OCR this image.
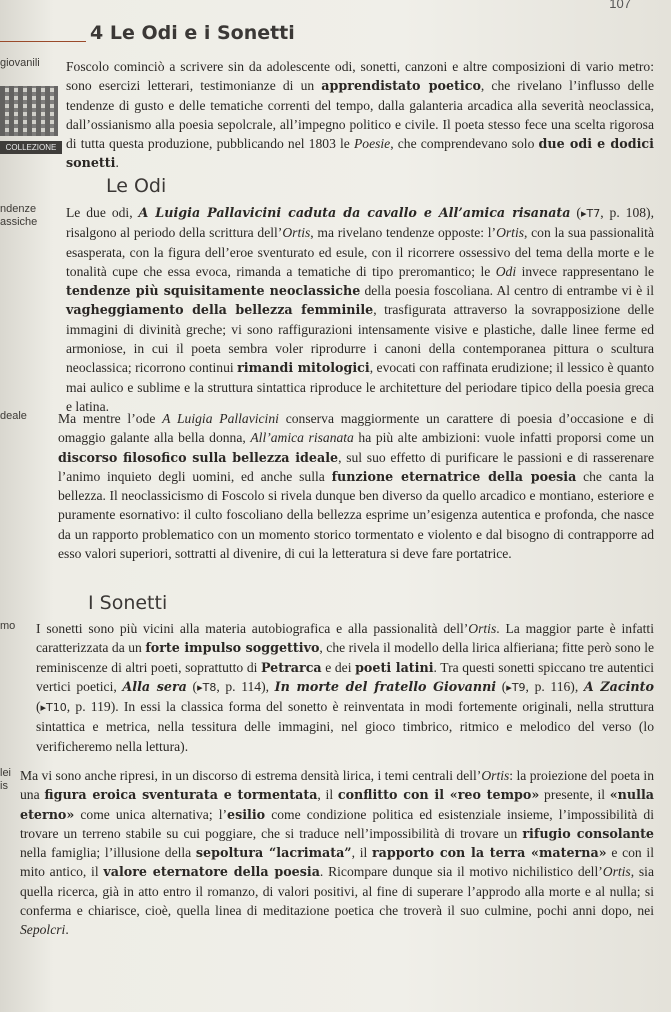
107
4 Le Odi e i Sonetti
giovanili
COLLEZIONE
ndenze
assiche
deale
mo
lei
is

Foscolo cominciò a scrivere sin da adolescente odi, sonetti, canzoni e altre composizioni di vario metro: sono esercizi letterari, testimonianze di un apprendistato poetico, che rivelano l’influsso delle tendenze di gusto e delle tematiche correnti del tempo, dalla galanteria arcadica alla severità neoclassica, dall’ossianismo alla poesia sepolcrale, all’impegno politico e civile. Il poeta stesso fece una scelta rigorosa di tutta questa produzione, pubblicando nel 1803 le Poesie, che comprendevano solo due odi e dodici sonetti.

Le Odi

Le due odi, A Luigia Pallavicini caduta da cavallo e All’amica risanata (▸T7, p. 108), risalgono al periodo della scrittura dell’Ortis, ma rivelano tendenze opposte: l’Ortis, con la sua passionalità esasperata, con la figura dell’eroe sventurato ed esule, con il ricorrere ossessivo del tema della morte e le tonalità cupe che essa evoca, rimanda a tematiche di tipo preromantico; le Odi invece rappresentano le tendenze più squisitamente neoclassiche della poesia foscoliana. Al centro di entrambe vi è il vagheggiamento della bellezza femminile, trasfigurata attraverso la sovrapposizione delle immagini di divinità greche; vi sono raffigurazioni intensamente visive e plastiche, dalle linee ferme ed armoniose, in cui il poeta sembra voler riprodurre i canoni della contemporanea pittura o scultura neoclassica; ricorrono continui rimandi mitologici, evocati con raffinata erudizione; il lessico è quanto mai aulico e sublime e la struttura sintattica riproduce le architetture del periodare tipico della poesia greca e latina.

Ma mentre l’ode A Luigia Pallavicini conserva maggiormente un carattere di poesia d’occasione e di omaggio galante alla bella donna, All’amica risanata ha più alte ambizioni: vuole infatti proporsi come un discorso filosofico sulla bellezza ideale, sul suo effetto di purificare le passioni e di rasserenare l’animo inquieto degli uomini, ed anche sulla funzione eternatrice della poesia che canta la bellezza. Il neoclassicismo di Foscolo si rivela dunque ben diverso da quello arcadico e montiano, esteriore e puramente esornativo: il culto foscoliano della bellezza esprime un’esigenza autentica e profonda, che nasce da un rapporto problematico con un momento storico tormentato e violento e dal bisogno di contrapporre ad esso valori superiori, sottratti al divenire, di cui la letteratura si deve fare portatrice.

I Sonetti

I sonetti sono più vicini alla materia autobiografica e alla passionalità dell’Ortis. La maggior parte è infatti caratterizzata da un forte impulso soggettivo, che rivela il modello della lirica alfieriana; fitte però sono le reminiscenze di altri poeti, soprattutto di Petrarca e dei poeti latini. Tra questi sonetti spiccano tre autentici vertici poetici, Alla sera (▸T8, p. 114), In morte del fratello Giovanni (▸T9, p. 116), A Zacinto (▸T10, p. 119). In essi la classica forma del sonetto è reinventata in modi fortemente originali, nella struttura sintattica e metrica, nella tessitura delle immagini, nel gioco timbrico, ritmico e melodico del verso (lo verificheremo nella lettura).

Ma vi sono anche ripresi, in un discorso di estrema densità lirica, i temi centrali dell’Ortis: la proiezione del poeta in una figura eroica sventurata e tormentata, il conflitto con il «reo tempo» presente, il «nulla eterno» come unica alternativa; l’esilio come condizione politica ed esistenziale insieme, l’impossibilità di trovare un terreno stabile su cui poggiare, che si traduce nell’impossibilità di trovare un rifugio consolante nella famiglia; l’illusione della sepoltura “lacrimata”, il rapporto con la terra «materna» e con il mito antico, il valore eternatore della poesia. Ricompare dunque sia il motivo nichilistico dell’Ortis, sia quella ricerca, già in atto entro il romanzo, di valori positivi, al fine di superare l’approdo alla morte e al nulla; si conferma e chiarisce, cioè, quella linea di meditazione poetica che troverà il suo culmine, pochi anni dopo, nei Sepolcri.
